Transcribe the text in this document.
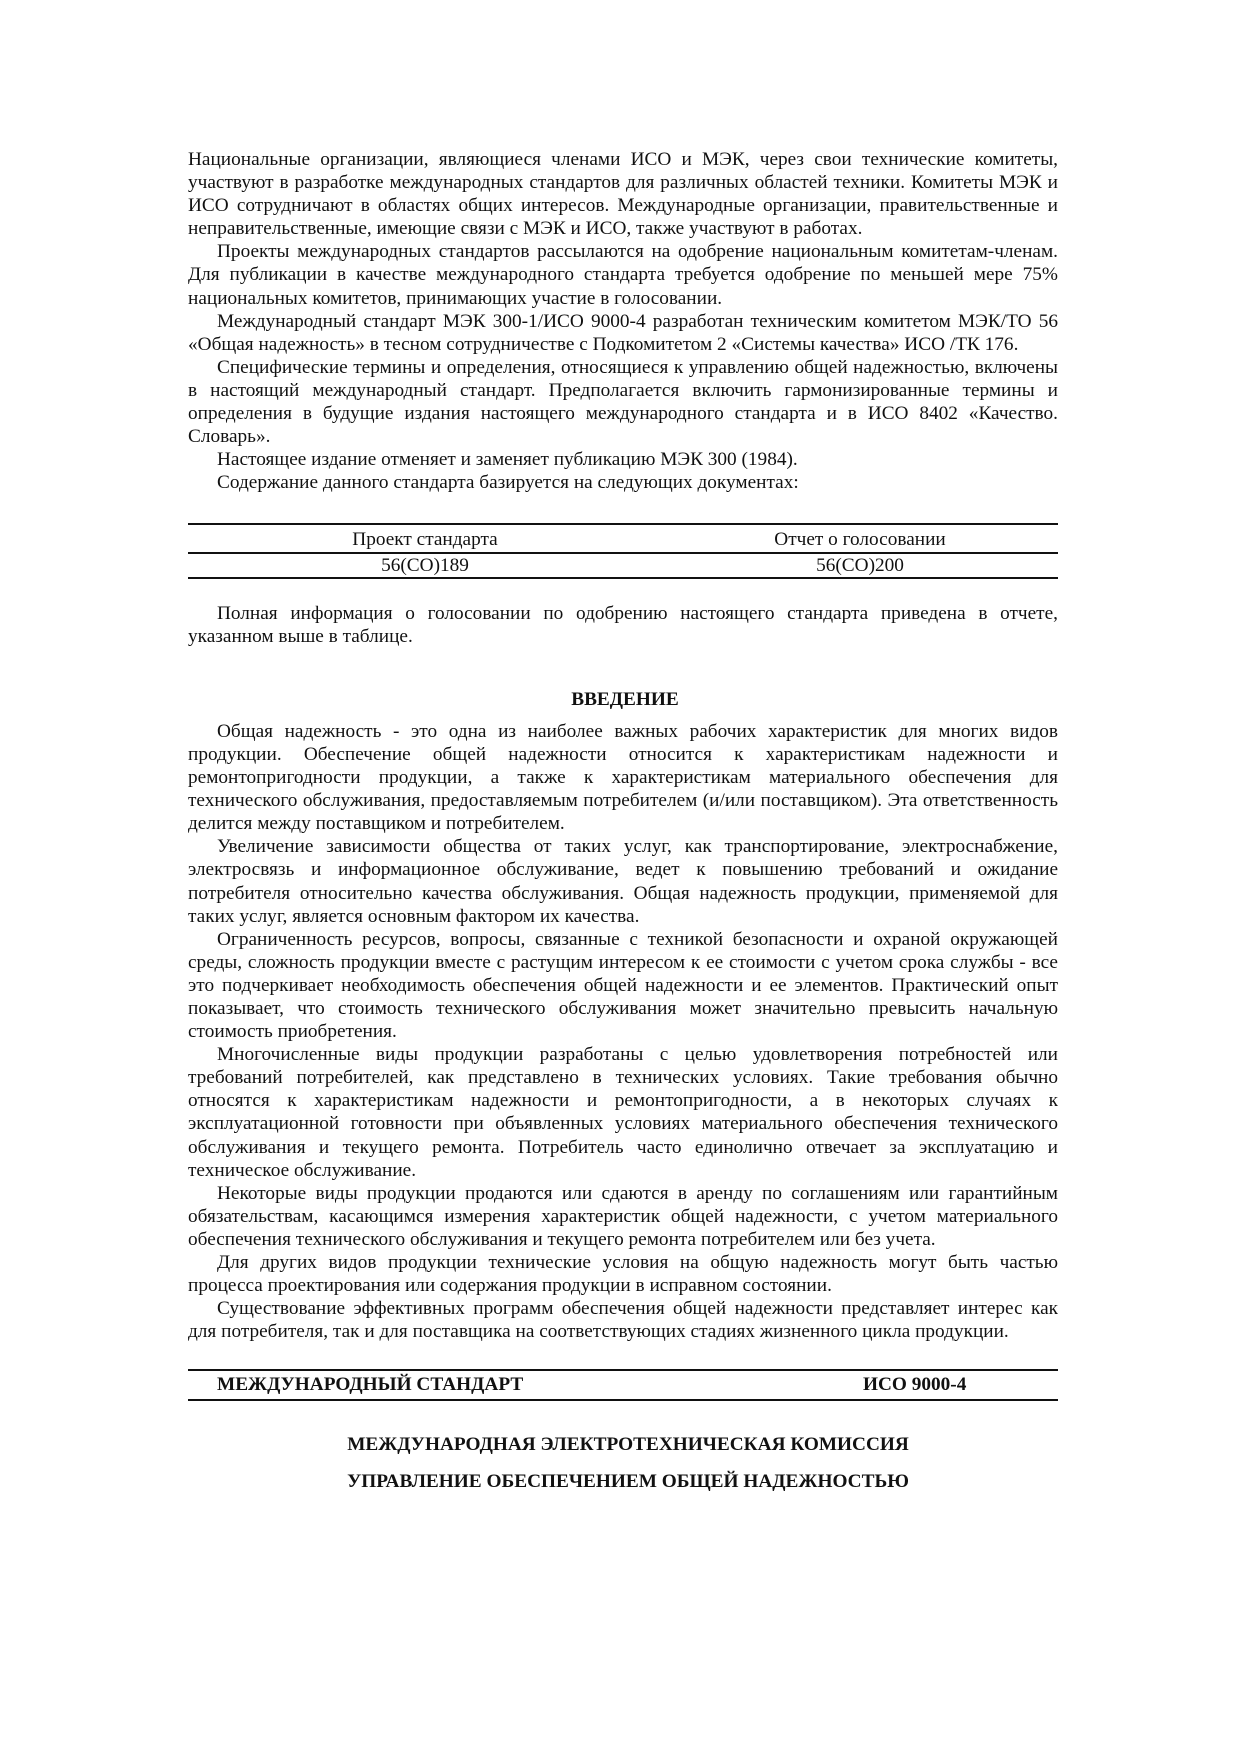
Национальные организации, являющиеся членами ИСО и МЭК, через свои технические комитеты, участвуют в разработке международных стандартов для различных областей техники. Комитеты МЭК и ИСО сотрудничают в областях общих интересов. Международные организации, правительственные и неправительственные, имеющие связи с МЭК и ИСО, также участвуют в работах.

Проекты международных стандартов рассылаются на одобрение национальным комитетам-членам. Для публикации в качестве международного стандарта требуется одобрение по меньшей мере 75% национальных комитетов, принимающих участие в голосовании.

Международный стандарт МЭК 300-1/ИСО 9000-4 разработан техническим комитетом МЭК/ТО 56 «Общая надежность» в тесном сотрудничестве с Подкомитетом 2 «Системы качества» ИСО /ТК 176.

Специфические термины и определения, относящиеся к управлению общей надежностью, включены в настоящий международный стандарт. Предполагается включить гармонизированные термины и определения в будущие издания настоящего международного стандарта и в ИСО 8402 «Качество. Словарь».

Настоящее издание отменяет и заменяет публикацию МЭК 300 (1984).

Содержание данного стандарта базируется на следующих документах:

Проект стандарта	Отчет о голосовании
56(CO)189	56(CO)200

Полная информация о голосовании по одобрению настоящего стандарта приведена в отчете, указанном выше в таблице.

ВВЕДЕНИЕ

Общая надежность - это одна из наиболее важных рабочих характеристик для многих видов продукции. Обеспечение общей надежности относится к характеристикам надежности и ремонтопригодности продукции, а также к характеристикам материального обеспечения для технического обслуживания, предоставляемым потребителем (и/или поставщиком). Эта ответственность делится между поставщиком и потребителем.

Увеличение зависимости общества от таких услуг, как транспортирование, электроснабжение, электросвязь и информационное обслуживание, ведет к повышению требований и ожидание потребителя относительно качества обслуживания. Общая надежность продукции, применяемой для таких услуг, является основным фактором их качества.

Ограниченность ресурсов, вопросы, связанные с техникой безопасности и охраной окружающей среды, сложность продукции вместе с растущим интересом к ее стоимости с учетом срока службы - все это подчеркивает необходимость обеспечения общей надежности и ее элементов. Практический опыт показывает, что стоимость технического обслуживания может значительно превысить начальную стоимость приобретения.

Многочисленные виды продукции разработаны с целью удовлетворения потребностей или требований потребителей, как представлено в технических условиях. Такие требования обычно относятся к характеристикам надежности и ремонтопригодности, а в некоторых случаях к эксплуатационной готовности при объявленных условиях материального обеспечения технического обслуживания и текущего ремонта. Потребитель часто единолично отвечает за эксплуатацию и техническое обслуживание.

Некоторые виды продукции продаются или сдаются в аренду по соглашениям или гарантийным обязательствам, касающимся измерения характеристик общей надежности, с учетом материального обеспечения технического обслуживания и текущего ремонта потребителем или без учета.

Для других видов продукции технические условия на общую надежность могут быть частью процесса проектирования или содержания продукции в исправном состоянии.

Существование эффективных программ обеспечения общей надежности представляет интерес как для потребителя, так и для поставщика на соответствующих стадиях жизненного цикла продукции.

МЕЖДУНАРОДНЫЙ СТАНДАРТ	ИСО 9000-4
МЕЖДУНАРОДНАЯ ЭЛЕКТРОТЕХНИЧЕСКАЯ КОМИССИЯ
УПРАВЛЕНИЕ ОБЕСПЕЧЕНИЕМ ОБЩЕЙ НАДЕЖНОСТЬЮ
